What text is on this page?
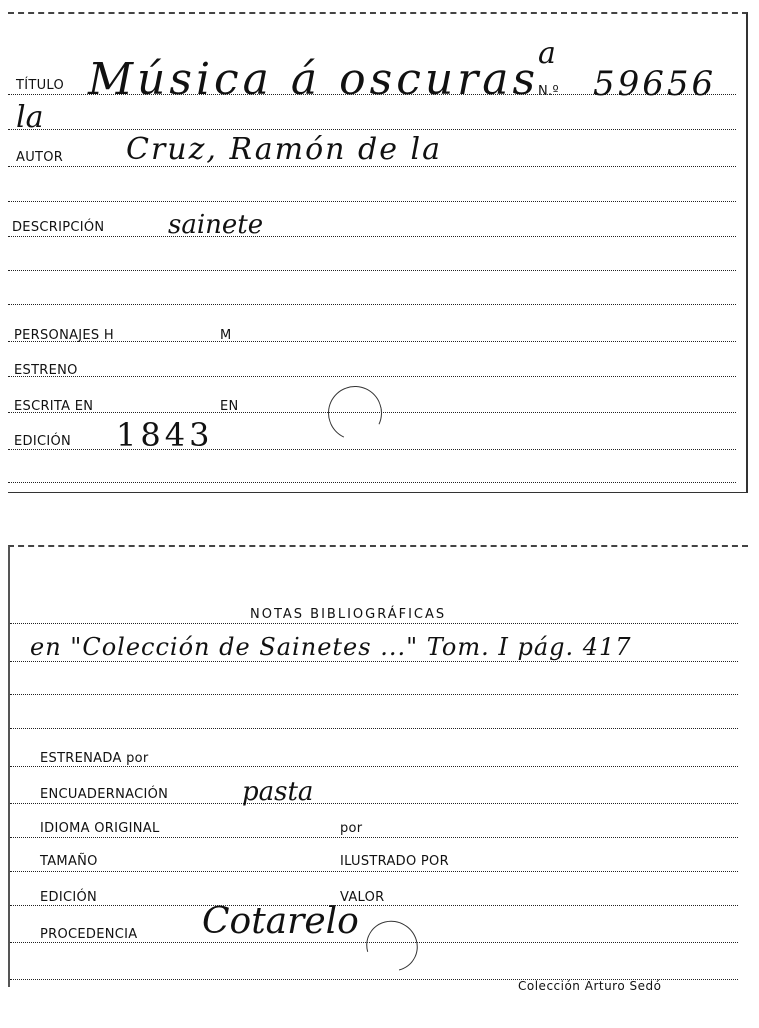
TÍTULO Música á oscuras
a
N.º 59656
la
AUTOR Cruz, Ramón de la
DESCRIPCIÓN sainete
PERSONAJES H	M
ESTRENO
ESCRITA EN	EN
EDICIÓN 1843
NOTAS BIBLIOGRÁFICAS
en "Colección de Sainetes ..." Tom. I pág. 417
ESTRENADA por
ENCUADERNACIÓN	pasta
IDIOMA ORIGINAL	por
TAMAÑO	ILUSTRADO POR
EDICIÓN	VALOR
PROCEDENCIA Cotarelo
Colección Arturo Sedó
